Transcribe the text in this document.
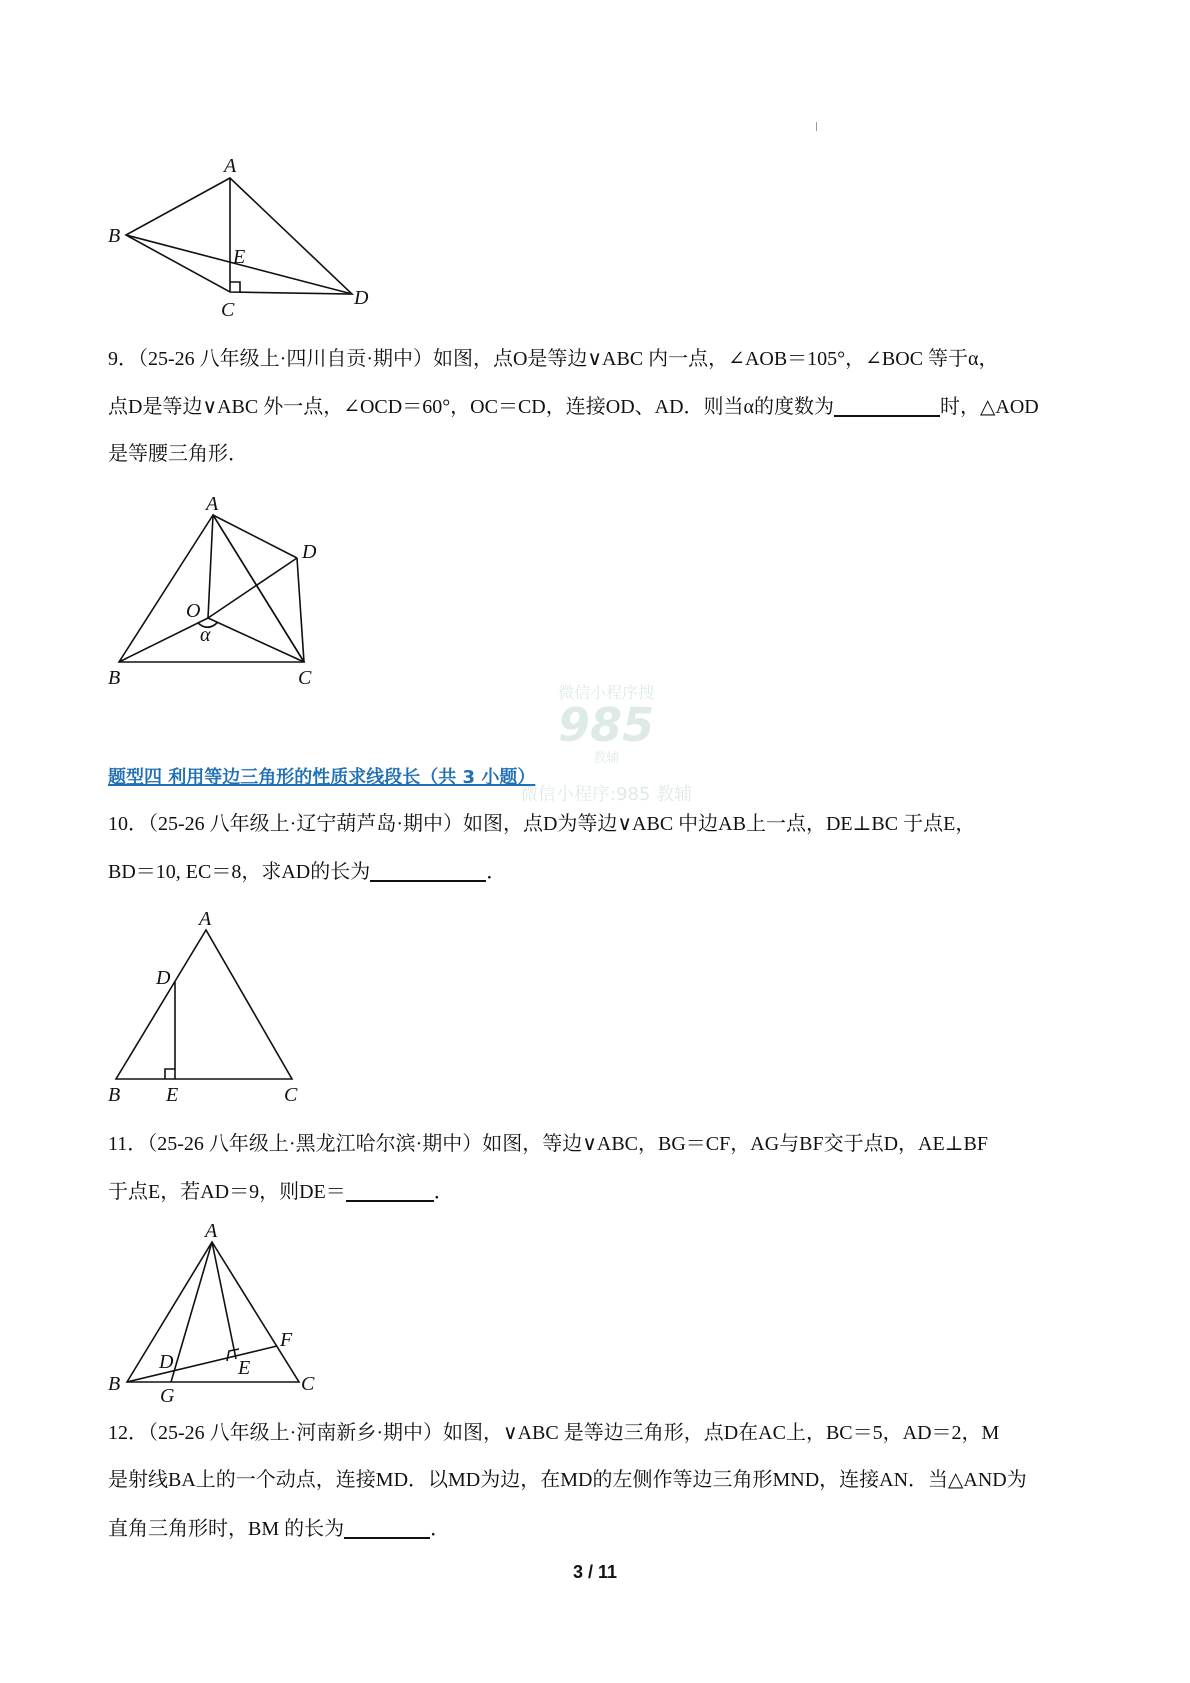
A
B
E
C
D
9．（25-26 八年级上·四川自贡·期中）如图，点O是等边∨ABC 内一点，∠AOB＝105°，∠BOC 等于α，
点D是等边∨ABC 外一点，∠OCD＝60°，OC＝CD，连接OD、AD．则当α的度数为	时，△AOD
是等腰三角形．
A
D
O
α
B	C
微信小程序搜
985
教辅
微信小程序:985 教辅
题型四 利用等边三角形的性质求线段长（共 3 小题）
10．（25-26 八年级上·辽宁葫芦岛·期中）如图，点D为等边∨ABC 中边AB上一点，DE⊥BC 于点E，
BD＝10, EC＝8，求AD的长为	．
A
D
B E	C
11．（25-26 八年级上·黑龙江哈尔滨·期中）如图，等边∨ABC，BG＝CF，AG与BF交于点D，AE⊥BF
于点E，若AD＝9，则DE＝	．
A
B	C
D	E
F
G
12．（25-26 八年级上·河南新乡·期中）如图，∨ABC 是等边三角形，点D在AC上，BC＝5，AD＝2，M
是射线BA上的一个动点，连接MD．以MD为边，在MD的左侧作等边三角形MND，连接AN．当△AND为
直角三角形时，BM 的长为	．
3 / 11
